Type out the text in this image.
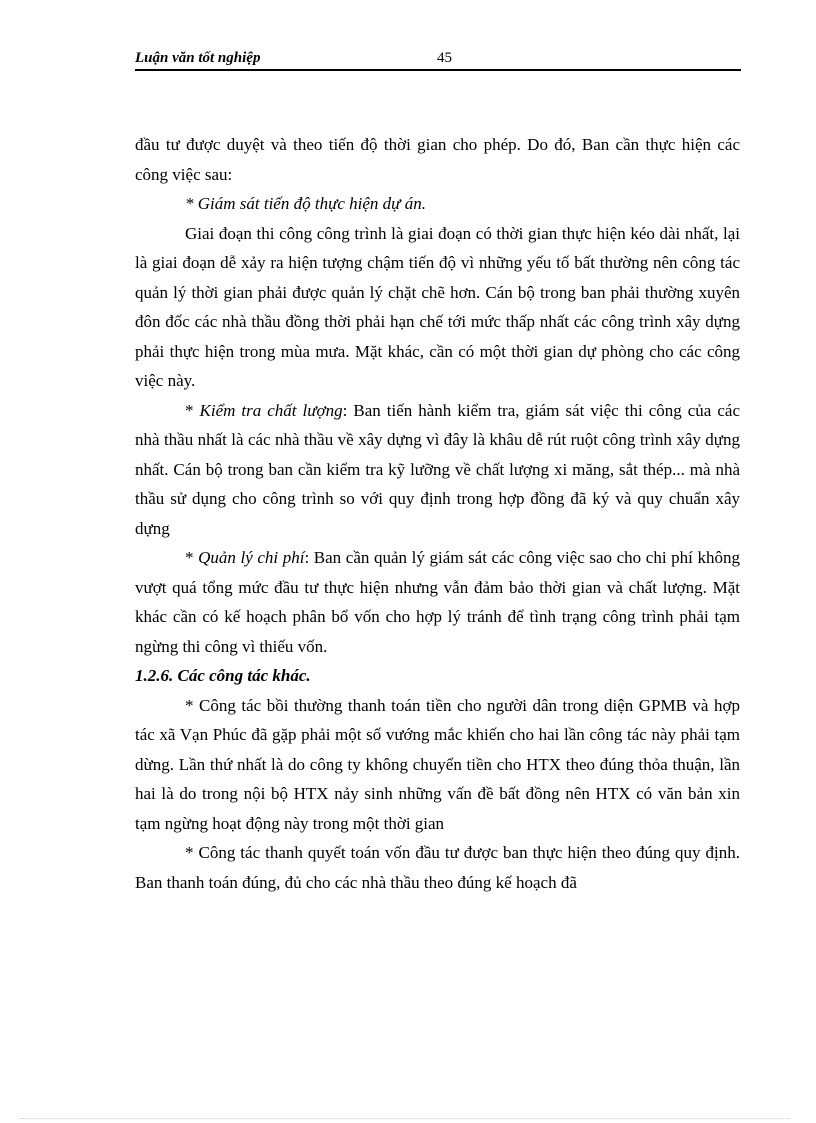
Luận văn tốt nghiệp	45

đầu tư được duyệt và theo tiến độ thời gian cho phép. Do đó, Ban cần thực hiện các công việc sau:

* Giám sát tiến độ thực hiện dự án.

Giai đoạn thi công công trình là giai đoạn có thời gian thực hiện kéo dài nhất, lại là giai đoạn dễ xảy ra hiện tượng chậm tiến độ vì những yếu tố bất thường nên công tác quản lý thời gian phải được quản lý chặt chẽ hơn. Cán bộ trong ban phải thường xuyên đôn đốc các nhà thầu đồng thời phải hạn chế tới mức thấp nhất các công trình xây dựng phải thực hiện trong mùa mưa. Mặt khác, cần có một thời gian dự phòng cho các công việc này.

* Kiểm tra chất lượng: Ban tiến hành kiểm tra, giám sát việc thi công của các nhà thầu nhất là các nhà thầu về xây dựng vì đây là khâu dễ rút ruột công trình xây dựng nhất. Cán bộ trong ban cần kiểm tra kỹ lưỡng về chất lượng xi măng, sắt thép... mà nhà thầu sử dụng cho công trình so với quy định trong hợp đồng đã ký và quy chuẩn xây dựng

* Quản lý chi phí: Ban cần quản lý giám sát các công việc sao cho chi phí không vượt quá tổng mức đầu tư thực hiện nhưng vẫn đảm bảo thời gian và chất lượng. Mặt khác cần có kế hoạch phân bổ vốn cho hợp lý tránh để tình trạng công trình phải tạm ngừng thi công vì thiếu vốn.

1.2.6. Các công tác khác.

* Công tác bồi thường thanh toán tiền cho người dân trong diện GPMB và hợp tác xã Vạn Phúc đã gặp phải một số vướng mắc khiến cho hai lần công tác này phải tạm dừng. Lần thứ nhất là do công ty không chuyển tiền cho HTX theo đúng thỏa thuận, lần hai là do trong nội bộ HTX nảy sinh những vấn đề bất đồng nên HTX có văn bản xin tạm ngừng hoạt động này trong một thời gian

* Công tác thanh quyết toán vốn đầu tư được ban thực hiện theo đúng quy định. Ban thanh toán đúng, đủ cho các nhà thầu theo đúng kế hoạch đã
